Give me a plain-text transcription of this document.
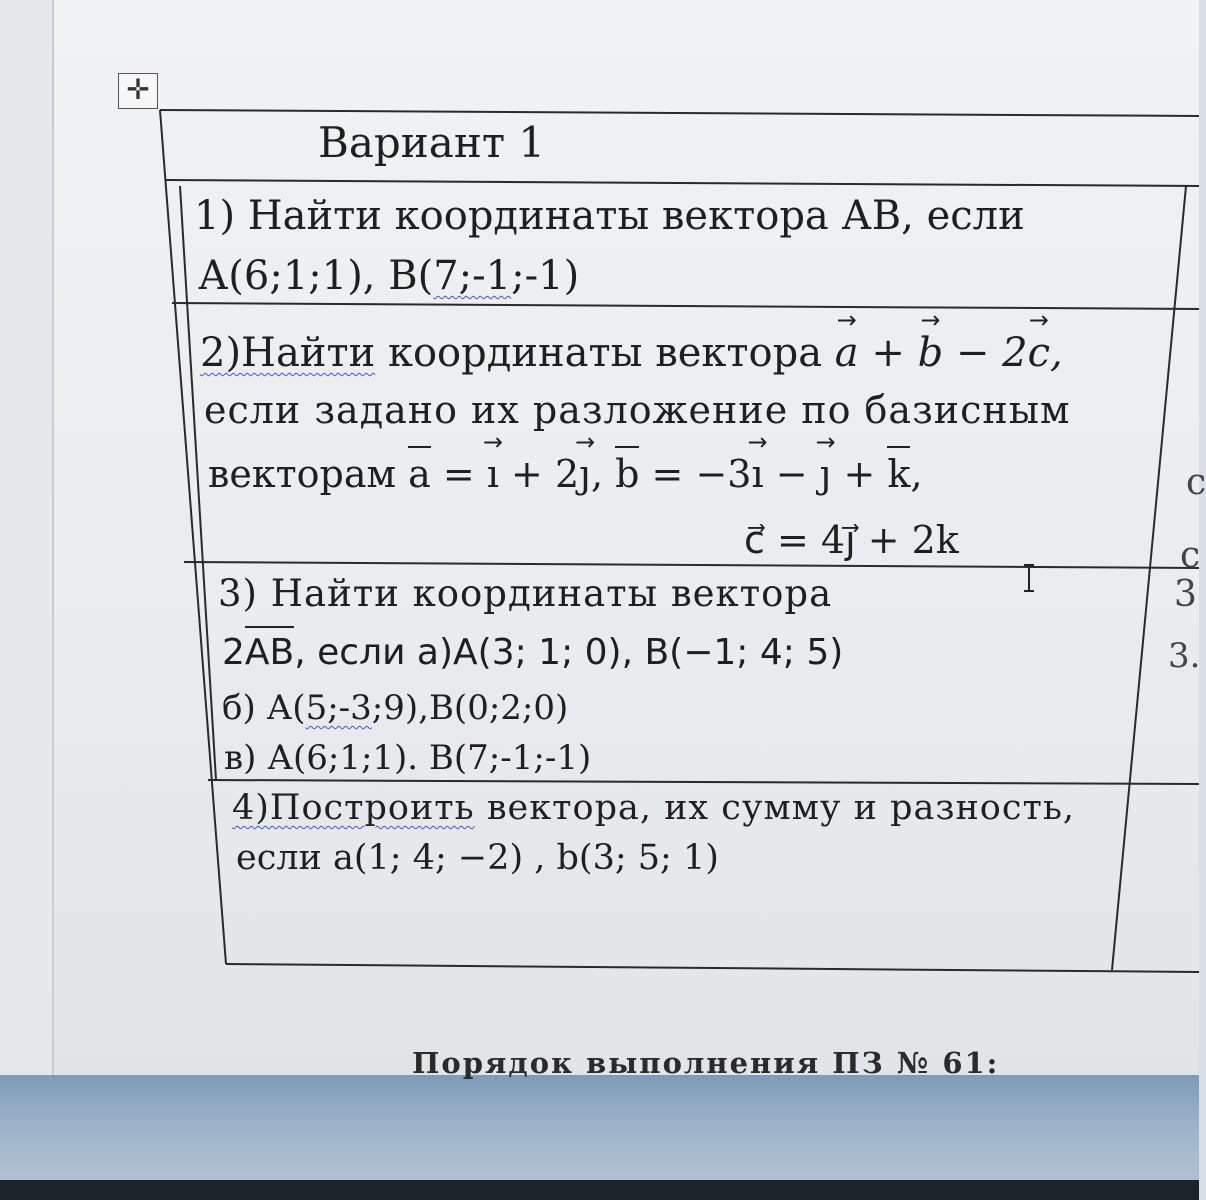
✛
Вариант 1
1) Найти координаты вектора АВ, если
А(6;1;1), В(7;-1;-1)
2)Найти координаты вектора → a + → b − 2→ c,
если задано их разложение по базисным
векторам a = → ı + 2→ ȷ, b = −3→ ı − → ȷ + k,
c⃗ = 4j⃗ + 2k
3) Найти координаты вектора
2AB, если а)А(3; 1; 0), В(−1; 4; 5)
б) А(5;-3;9),В(0;2;0)
в) А(6;1;1). В(7;-1;-1)
4)Построить вектора, их сумму и разность,
если а(1; 4; −2) , b(3; 5; 1)
c
c
3
3.
Порядок выполнения ПЗ № 61:
